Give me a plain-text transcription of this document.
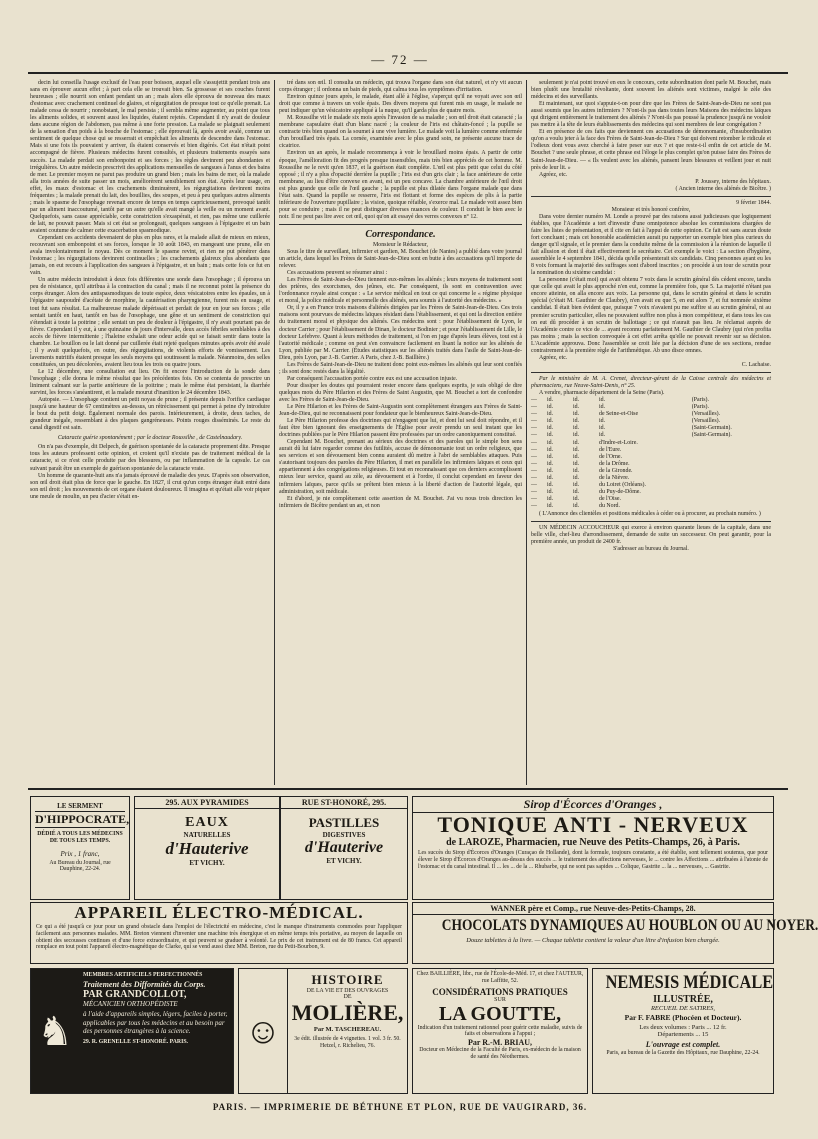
— 72 —

decin lui conseilla l'usage exclusif de l'eau pour boisson, auquel elle s'assujettit pendant trois ans sans en éprouver aucun effet ; à part cela elle se trouvait bien. Sa grossesse et ses couches furent heureuses ; elle nourrit son enfant pendant un an ; mais alors elle éprouva de nouveau des maux d'estomac avec crachement continuel de glaires, et régurgitation de presque tout ce qu'elle prenait. La malade cessa de nourrir ; nonobstant, le mal persista ; il sembla même augmenter, au point que tous les aliments solides, et souvent aussi les liquides, étaient rejetés. Cependant il n'y avait de douleur dans aucune région de l'abdomen, pas même à une forte pression. La malade se plaignait seulement de la sensation d'un poids à la bouche de l'estomac ; elle éprouvait là, après avoir avalé, comme un sentiment de quelque chose qui se resserrait et empêchait les aliments de descendre dans l'estomac. Mais si une fois ils pouvaient y arriver, ils étaient conservés et bien digérés. Cet état n'était point accompagné de fièvre. Plusieurs médecins furent consultés, et plusieurs traitements essayés sans succès. La malade perdait son embonpoint et ses forces ; les règles devinrent peu abondantes et irrégulières. Un autre médecin prescrivit des applications mensuelles de sangsues à l'anus et des bains de mer. Le premier moyen ne parut pas produire un grand bien ; mais les bains de mer, où la malade alla trois années de suite passer un mois, améliorèrent sensiblement son état. Après leur usage, en effet, les maux d'estomac et les crachements diminuèrent, les régurgitations devinrent moins fréquentes ; la malade prenait du lait, des bouillies, des soupes, et peu à peu quelques autres aliments ; mais le spasme de l'œsophage revenait encore de temps en temps capricieusement, provoqué tantôt par un aliment inaccoutumé, tantôt par un autre qu'elle avait mangé la veille ou un moment avant. Quelquefois, sans cause appréciable, cette constriction s'exaspérait, et rien, pas même une cuillerée de lait, ne pouvait passer. Mais si cet état se prolongeait, quelques sangsues à l'épigastre et un bain avaient coutume de calmer cette exacerbation spasmodique.

Cependant ces accidents devenaient de plus en plus rares, et la malade allait de mieux en mieux, recouvrant son embonpoint et ses forces, lorsque le 10 août 1843, en mangeant une prune, elle en avala involontairement le noyau. Dès ce moment le spasme revint, et rien ne put pénétrer dans l'estomac ; les régurgitations devinrent continuelles ; les crachements glaireux plus abondants que jamais, on eut recours à l'application des sangsues à l'épigastre, et un bain ; mais cette fois ce fut en vain.

Un autre médecin introduisit à deux fois différentes une sonde dans l'œsophage ; il éprouva un peu de résistance, qu'il attribua à la contraction du canal ; mais il ne reconnut point la présence du corps étranger. Alors des antispasmodiques de toute espèce, deux vésicatoires entre les épaules, un à l'épigastre saupoudré d'acétate de morphine, la cautérisation pharyngienne, furent mis en usage, et tout fut sans résultat. La malheureuse malade dépérissait et perdait de jour en jour ses forces ; elle sentait tantôt en haut, tantôt en bas de l'œsophage, une gêne et un sentiment de constriction qui s'étendait à toute la poitrine ; elle sentait un peu de douleur à l'épigastre, il n'y avait pourtant pas de fièvre. Cependant il y eut, à une quinzaine de jours d'intervalle, deux accès fébriles semblables à des accès de fièvre intermittente ; l'haleine exhalait une odeur acide qui se faisait sentir dans toute la chambre. Le bouillon ou le lait donné par cuillerée était rejeté quelques minutes après avoir été avalé ; il y avait quelquefois, en outre, des régurgitations, de violents efforts de vomissement. Les lavements nutritifs étaient presque les seuls moyens qui soutinssent la malade. Néanmoins, des selles constituées, un peu décolorées, avaient lieu tous les trois ou quatre jours.

Le 12 décembre, une consultation eut lieu. On fit encore l'introduction de la sonde dans l'œsophage ; elle donna le même résultat que les précédentes fois. On se contenta de prescrire un liniment calmant sur la partie antérieure de la poitrine ; mais le même état persistant, la diarrhée survint, les forces s'anéantirent, et la malade mourut d'inanition le 24 décembre 1843.

Autopsie. — L'œsophage contient un petit noyau de prune ; il présente depuis l'orifice cardiaque jusqu'à une hauteur de 67 centimètres au-dessus, un rétrécissement qui permet à peine d'y introduire le bout du petit doigt. Également normale des parois. Intérieurement, à droite, deux taches, de grandeur inégale, ressemblant à des plaques gangréneuses. Points rouges disséminés. Le reste du canal digestif est sain.

Cataracte guérie spontanément ; par le docteur Roussilhe , de Castelnaudary.

On n'a pas d'exemple, dit Delpech, de guérison spontanée de la cataracte proprement dite. Presque tous les auteurs professent cette opinion, et croient qu'il n'existe pas de traitement médical de la cataracte, si ce n'est celle produite par des blessures, ou par inflammation de la capsule. Le cas suivant paraît être un exemple de guérison spontanée de la cataracte vraie.

Un homme de quarante-huit ans n'a jamais éprouvé de maladie des yeux. D'après son observation, son œil droit était plus de force que le gauche. En 1827, il crut qu'un corps étranger était entré dans son œil droit ; les mouvements de cet organe étaient douloureux. Il imagina et qu'était alle voir piquer une meule de moulin, un peu d'acier s'était en-

tré dans son œil. Il consulta un médecin, qui trouva l'organe dans son état naturel, et n'y vit aucun corps étranger ; il ordonna un bain de pieds, qui calma tous les symptômes d'irritation.

Environ quinze jours après, le malade, étant allé à l'église, s'aperçut qu'il ne voyait avec son œil droit que comme à travers un voile épais. Des divers moyens qui furent mis en usage, le malade ne peut indiquer qu'un vésicatoire appliqué à la nuque, qu'il garda plus de quatre mois.

M. Roussilhe vit le malade six mois après l'invasion de sa maladie ; son œil droit était cataracté ; la membrane capsulaire était d'un blanc nacré ; la couleur de l'iris est châtain-foncé ; la pupille se contracte très bien quand on la soumet à une vive lumière. Le malade voit la lumière comme enfermée d'un brouillard très épais. La cornée, examinée avec le plus grand soin, ne présente aucune trace de cicatrice.

Environ un an après, le malade recommença à voir le brouillard moins épais. A partir de cette époque, l'amélioration fit des progrès presque insensibles, mais très bien appréciés de cet homme. M. Roussilhe ne le revit qu'en 1837, et la guérison était complète. L'œil est plus petit que celui du côté opposé ; il n'y a plus d'opacité derrière la pupille ; l'iris est d'un gris clair ; la face antérieure de cette membrane, au lieu d'être convexe en avant, est un peu concave. La chambre antérieure de l'œil droit est plus grande que celle de l'œil gauche ; la pupille est plus dilatée dans l'organe malade que dans l'état sain. Quand la pupille se resserre, l'iris est flottant et forme des espèces de plis à la partie inférieure de l'ouverture pupillaire ; la vision, quoique réfaible, s'exerce mal. Le malade voit assez bien pour se conduire ; mais il ne peut distinguer diverses nuances de couleur. Il conduit le bien avec le noir. Il ne peut pas lire avec cet œil, quoi qu'on ait essayé des verres convexes n° 12.

Correspondance.

Monsieur le Rédacteur,

Sous le titre de surveillant, infirmier et gardien, M. Bouchet (de Nantes) a publié dans votre journal un article, dans lequel les Frères de Saint-Jean-de-Dieu sont en butte à des accusations qu'il importe de relever.

Ces accusations peuvent se résumer ainsi :

Les Frères de Saint-Jean-de-Dieu tiennent eux-mêmes les aliénés ; leurs moyens de traitement sont des prières, des exorcismes, des jeûnes, etc. Par conséquent, ils sont en contravention avec l'ordonnance royale ainsi conçue : « Le service médical en tout ce qui concerne le « régime physique et moral, la police médicale et personnelle des aliénés, sera soumis à l'autorité des médecins. »

Or, il y a en France trois maisons d'aliénés dirigées par les Frères de Saint-Jean-de-Dieu. Ces trois maisons sont pourvues de médecins laïques résidant dans l'établissement, et qui ont la direction entière du traitement moral et physique des aliénés. Ces médecins sont : pour l'établissement de Lyon, le docteur Carrier ; pour l'établissement de Dinan, le docteur Bodinier ; et pour l'établissement de Lille, le docteur Lefebvre. Quant à leurs méthodes de traitement, si l'on en juge d'après leurs élèves, tout est à l'autorité médicale ; comme on peut s'en convaincre facilement en lisant la notice sur les aliénés de Lyon, publiée par M. Carrier. (Études statistiques sur les aliénés traités dans l'asile de Saint-Jean-de-Dieu, près Lyon, par J.-B. Carrier. A Paris, chez J.-B. Baillière.)

Les Frères de Saint-Jean-de-Dieu ne traitent donc point eux-mêmes les aliénés qui leur sont confiés ; ils sont donc restés dans la légalité.

Par conséquent l'accusation portée contre eux est une accusation injuste.

Pour dissiper les doutes qui pourraient rester encore dans quelques esprits, je suis obligé de dire quelques mots du Père Hilarion et des Frères de Saint Augustin, que M. Bouchet a tort de confondre avec les Frères de Saint-Jean-de-Dieu.

Le Père Hilarion et les Frères de Saint-Augustin sont complètement étrangers aux Frères de Saint-Jean-de-Dieu, qui ne reconnaissent pour fondateur que le bienheureux Saint-Jean-de-Dieu.

Le Père Hilarion professe des doctrines qui n'engagent que lui, et dont lui seul doit répondre, et il faut être bien ignorant des enseignements de l'Église pour avoir prendu un seul instant que les doctrines publiées par le Père Hilarion passent être professées par un ordre canoniquement constitué.

Cependant M. Bouchet, prenant au sérieux des doctrines et des paroles qui le simple bon sens aurait dû lui faire regarder comme des futilités, accuse de démonomanie tout un ordre religieux, que ses services et son dévouement bien connu auraient dû mettre à l'abri de semblables attaques. Puis s'autorisant toujours des paroles du Père Hilarion, il met en parallèle les infirmiers laïques et ceux qui appartiennent à des congrégations religieuses. Et tout en reconnaissant que ces derniers accomplissent mieux leur service, quand au zèle, au dévouement et à l'ordre, il conclut cependant en faveur des infirmiers laïques, parce qu'ils se prêtent bien mieux à la liberté d'action de l'autorité légale, qui administration, soit médicale.

Et d'abord, je nie complètement cette assertion de M. Bouchet. J'ai vu nous trois direction les infirmiers de Bicêtre pendant un an, et non

seulement je n'ai point trouvé en eux le concours, cette subordination dont parle M. Bouchet, mais bien plutôt une brutalité révoltante, dont souvent les aliénés sont victimes, malgré le zèle des médecins et des surveillants.

Et maintenant, sur quoi s'appuie-t-on pour dire que les Frères de Saint-Jean-de-Dieu ne sont pas aussi soumis que les autres infirmiers ? N'ont-ils pas dans toutes leurs Maisons des médecins laïques qui dirigent entièrement le traitement des aliénés ? N'ont-ils pas poussé la prudence jusqu'à ne vouloir pas mettre à la tête de leurs établissements des médecins qui sont membres de leur congrégation ?

Et en présence de ces faits que deviennent ces accusations de démonomanie, d'insubordination qu'on a voulu jeter à la face des Frères de Saint-Jean-de-Dieu ? Sur qui doivent retomber le ridicule et l'odieux dont vous avez cherché à faire peser sur eux ? et que reste-t-il enfin de cet article de M. Bouchet ? une seule phrase, et cette phrase est l'éloge le plus complet qu'on puisse faire des Frères de Saint-Jean-de-Dieu. — « Ils veulent avec les aliénés, pansent leurs blessures et veillent jour et nuit près de leur lit. »

Agréez, etc.

P. Joussey, interne des hôpitaux.

( Ancien interne des aliénés de Bicêtre. )

9 février 1844.

Monsieur et très honoré confrère,

Dans votre dernier numéro M. Londe a prouvé par des raisons aussi judicieuses que logiquement établies, que l'Académie a tort d'investir d'une omnipotence absolue les commissions chargées de faire les listes de présentation, et il cite en fait à l'appui de cette opinion. Ce fait est sans aucun doute fort concluant ; mais cet honorable académicien aurait pu rapporter un exemple bien plus curieux du danger qu'il signale, et le premier dans la conduite même de la commission à la réunion de laquelle il fait allusion et dont il était effectivement le secrétaire. Cet exemple le voici : La section d'hygiène, assemblée le 4 septembre 1841, décida qu'elle présenterait six candidats. Cinq personnes ayant eu les 8 voix formant la majorité des suffrages sont d'abord inscrites ; on procède à un tour de scrutin pour la nomination du sixième candidat :

La personne (c'était moi) qui avait obtenu 7 voix dans le scrutin général dès cédent encore, tandis que celle qui avait le plus approché n'en eut, comme la première fois, que 5. La majorité n'étant pas encore atteinte, on alla encore aux voix. La personne qui, dans le scrutin général et dans le scrutin spécial (c'était M. Gauthier de Claubry), n'en avait eu que 5, en eut alors 7, et fut nommée sixième candidat. Il était bien évident que, puisque 7 voix n'avaient pu me suffire si au scrutin général, ni au premier scrutin particulier, elles ne pouvaient suffire non plus à mon compétiteur, et dans tous les cas on eut dû procéder à un scrutin de ballottage ; ce qui n'aurait pas lieu. Je réclamai auprès de l'Académie contre ce vice de ... ayant reconnu parfaitement M. Gauthier de Claubry (qui n'en profita pas moins ; mais la section convoquée à cet effet arrêta qu'elle ne pouvait revenir sur sa décision. L'Académie approuva. Donc l'assemblée se croit liée par la décision d'une de ses sections, rendue contrairement à la première règle de l'arithmétique. Ab uno disce omnes.

Agréez, etc.

C. Lachaise.

Par le ministère de M. A. Crenet, directeur-gérant de la Caisse centrale des médecins et pharmaciens, rue Neuve-Saint-Denis, n° 25.

A vendre, pharmacie département de la Seine (Paris).

—	id.	id.	id.	(Paris).
—	id.	id.	id.	(Paris).
—	id.	id.	de Seine-et-Oise	(Versailles).
—	id.	id.	id.	(Versailles).
—	id.	id.	id.	(Saint-Germain).
—	id.	id.	id.	(Saint-Germain).
—	id.	id.	d'Indre-et-Loire.	
—	id.	id.	de l'Eure.	
—	id.	id.	de l'Orne.	
—	id.	id.	de la Drôme.	
—	id.	id.	de la Gironde.	
—	id.	id.	de la Nièvre.	
—	id.	id.	du Loiret (Orléans).	
—	id.	id.	du Puy-de-Dôme.	
—	id.	id.	de l'Oise.	
—	id.	id.	du Nord.	

( L'Annonce des clientèles et positions médicales à céder ou à procurer, au prochain numéro. )

UN MÉDECIN ACCOUCHEUR qui exerce à environ quarante lieues de la capitale, dans une belle ville, chef-lieu d'arrondissement, demande de suite un successeur. On peut garantir, pour la première année, un produit de 2400 fr.

S'adresser au bureau du Journal.

LE SERMENT
D'HIPPOCRATE,
DÉDIÉ A TOUS LES MÉDECINS DE TOUS LES TEMPS.
Prix , 1 franc,
Au Bureau du Journal, rue Dauphine, 22-24.
295. AUX PYRAMIDES
EAUX
NATURELLES
d'Hauterive
ET VICHY.
RUE ST-HONORÉ, 295.
PASTILLES
DIGESTIVES
d'Hauterive
ET VICHY.
Sirop d'Écorces d'Oranges ,
TONIQUE ANTI - NERVEUX
de LAROZE, Pharmacien, rue Neuve des Petits-Champs, 26, à Paris.
Les succès du Sirop d'Écorces d'Oranges (Curaçao de Hollande), dont la formule, toujours constante, a été établie, sont tellement soutenus, que pour élever le Sirop d'Écorces d'Oranges au-dessus des succès ... le traitement des affections nerveuses, le ... contre les Affections ... attribuées à l'atonie de l'estomac et du canal intestinal. Il ... les ... de la ... Rhubarbe, qui ne sont pas sapides ... Colique, Gastrite ... la ... nerveuses, ... Gastrite.
APPAREIL ÉLECTRO-MÉDICAL.
Ce qui a été jusqu'à ce jour pour un grand obstacle dans l'emploi de l'électricité en médecine, c'est le manque d'instruments commodes pour l'appliquer facilement aux personnes malades. MM. Breton viennent d'inventer une machine très énergique et en même temps très portative, au moyen de laquelle on obtient des secousses continues et d'une force extraordinaire, et qui peuvent se graduer à volonté. Le prix de cet instrument est de 80 francs. Cet appareil remplace en tout point l'appareil électro-magnétique de Clarke, qui se vend aussi chez MM. Breton, rue du Petit-Bourbon, 9.
WANNER père et Comp., rue Neuve-des-Petits-Champs, 28.
CHOCOLATS DYNAMIQUES AU HOUBLON OU AU NOYER.
Douze tablettes à la livre. — Chaque tablette contient la valeur d'un litre d'infusion bien chargée.
♞
MEMBRES ARTIFICIELS PERFECTIONNÉS
Traitement des Difformités du Corps.
PAR GRANDCOLLOT,
MÉCANICIEN ORTHOPÉDISTE
à l'aide d'appareils simples, légers, faciles à porter, applicables par tous les médecins et au besoin par des personnes étrangères à la science.
29. R. GRENELLE ST-HONORÉ. PARIS.	☺
HISTOIRE
DE LA VIE ET DES OUVRAGES
DE
MOLIÈRE,
Par M. TASCHEREAU.
3e édit. illustrée de 4 vignettes. 1 vol. 3 fr. 50. Hetzel, r. Richelieu, 76.
Chez BAILLIÈRE, libr., rue de l'École-de-Méd. 17, et chez l'AUTEUR, rue Laffitte, 52.
CONSIDÉRATIONS PRATIQUES
SUR
LA GOUTTE,
Indication d'un traitement rationnel pour guérir cette maladie, suivis de faits et observations à l'appui ;
Par R.-M. BRIAU,
Docteur en Médecine de la Faculté de Paris, ex-médecin de la maison de santé des Néothermes.
NEMESIS MÉDICALE
ILLUSTRÉE,
RECUEIL DE SATIRES,
Par F. FABRE (Phocéen et Docteur).
Les deux volumes : Paris ... 12 fr.
Départements ... 15
L'ouvrage est complet.
Paris, au bureau de la Gazette des Hôpitaux, rue Dauphine, 22-24.
PARIS. — IMPRIMERIE DE BÉTHUNE ET PLON, RUE DE VAUGIRARD, 36.
